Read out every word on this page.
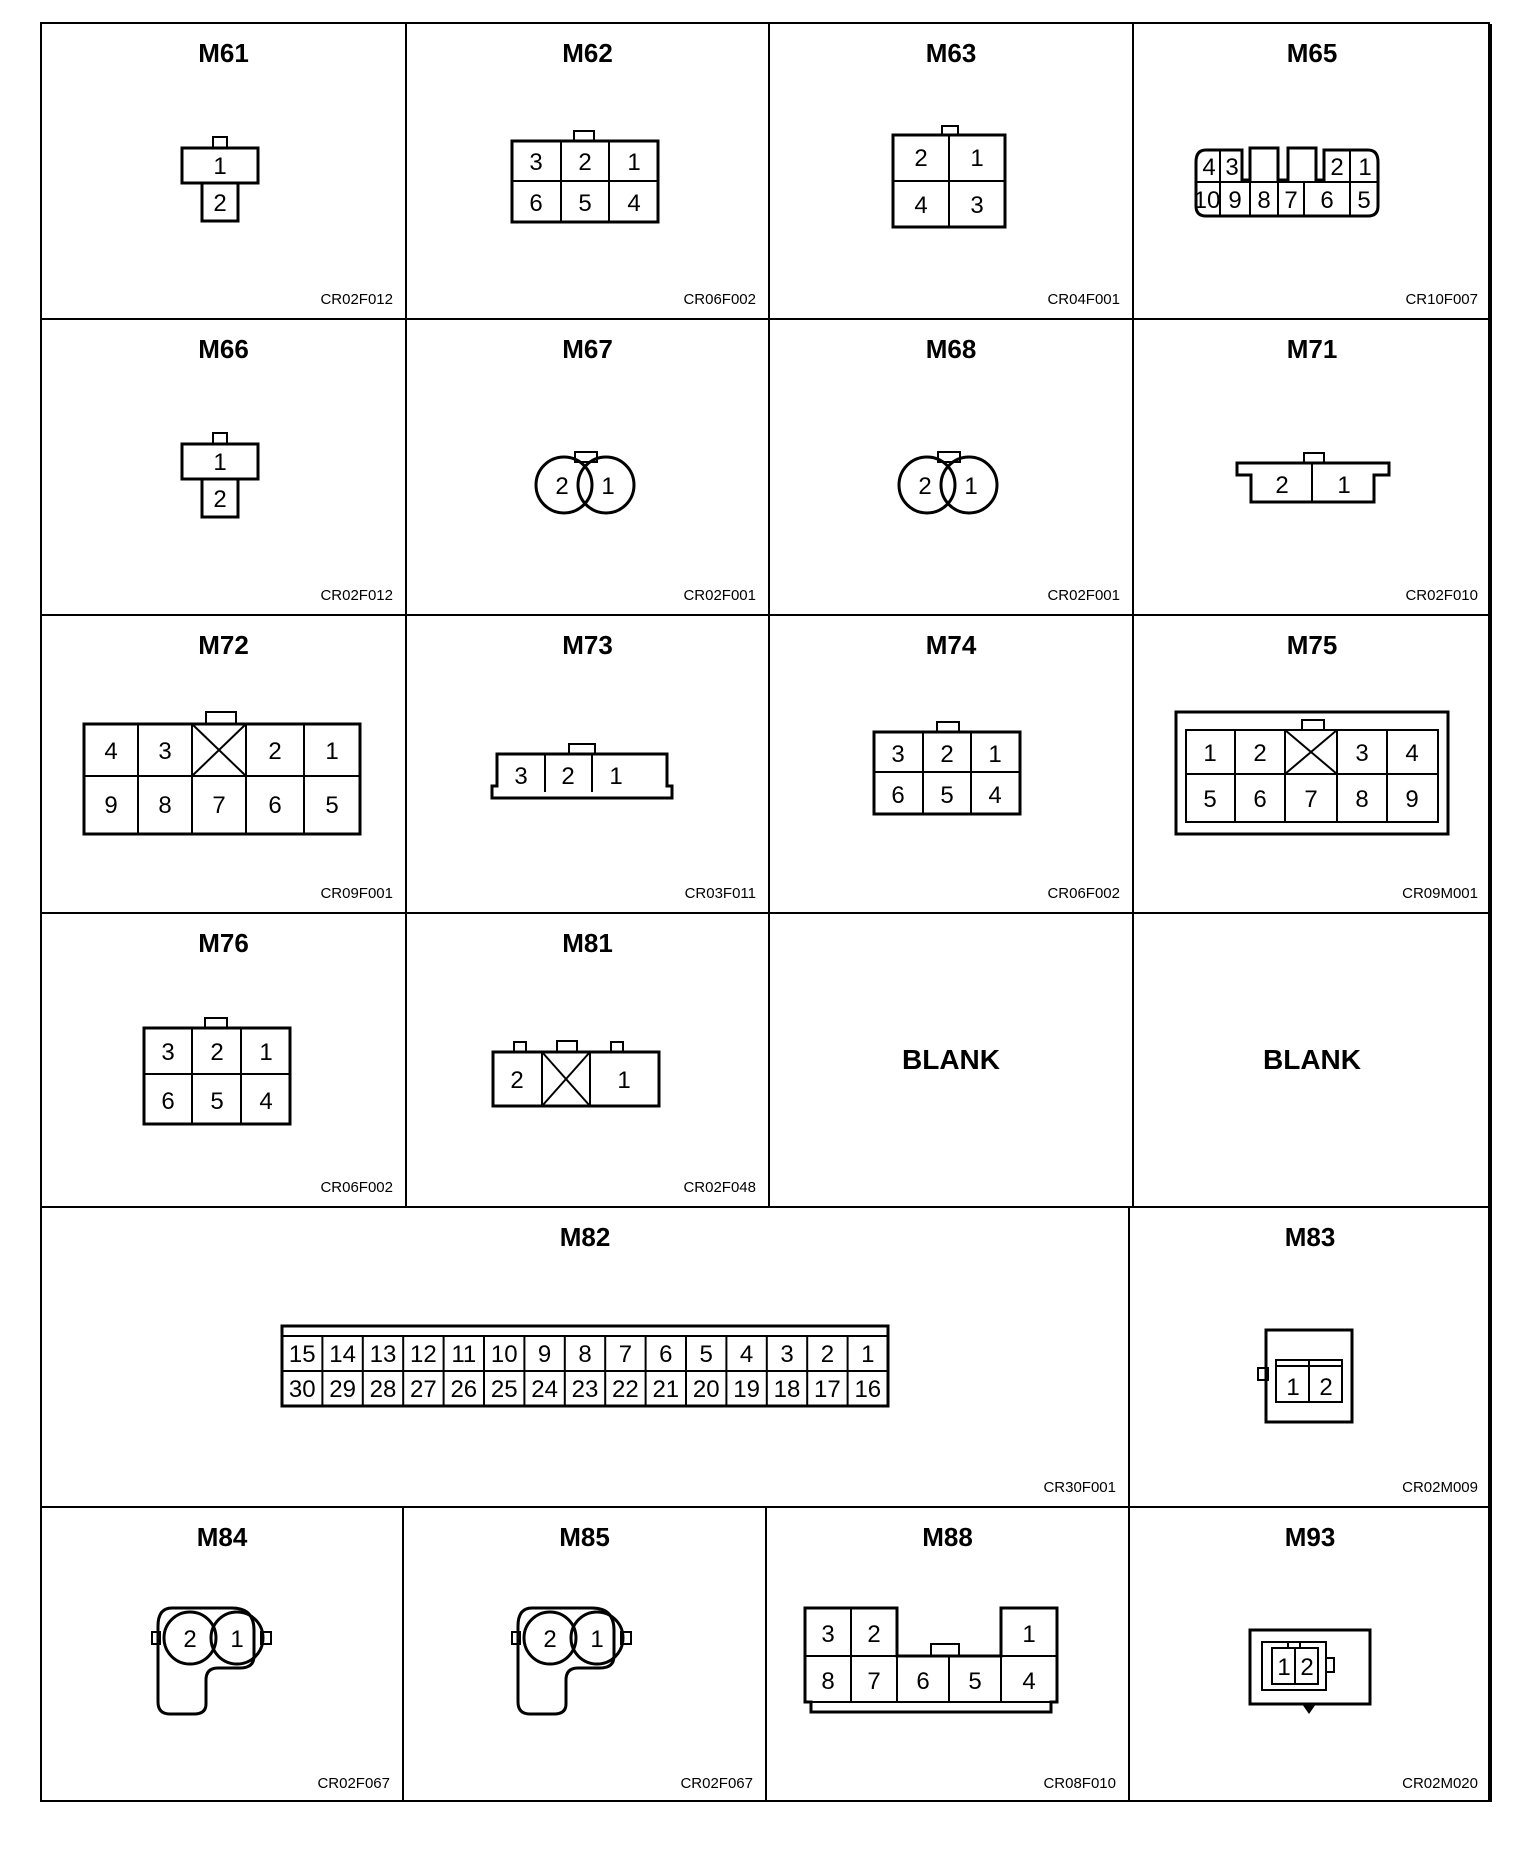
M61
1
2
CR02F012
M62
3 2 1
6 5 4
CR06F002
M63
2 1
4 3
CR04F001
M65
4 3	2 1
10 9 8 7 6 5
CR10F007
M66
1
2
CR02F012
M67
2 1
CR02F001
M68
2 1
CR02F001
M71
2 1
CR02F010
M72
4 3	2 1
9 8 7 6 5
CR09F001
M73
3 2 1
CR03F011
M74
3 2 1
6 5 4
CR06F002
M75
1 2	3 4
5 6 7 8 9
CR09M001
M76
3 2 1
6 5 4
CR06F002
M81
2	1
CR02F048
BLANK	BLANK
M82
15 14 13 12 11 10 9 8 7 6 5 4 3 2 1
30 29 28 27 26 25 24 23 22 21 20 19 18 17 16
CR30F001
M83
1 2
CR02M009
M84
2 1
CR02F067
M85
2 1
CR02F067
M88
3 2	1
8 7 6 5 4
CR08F010
M93
1 2
CR02M020
